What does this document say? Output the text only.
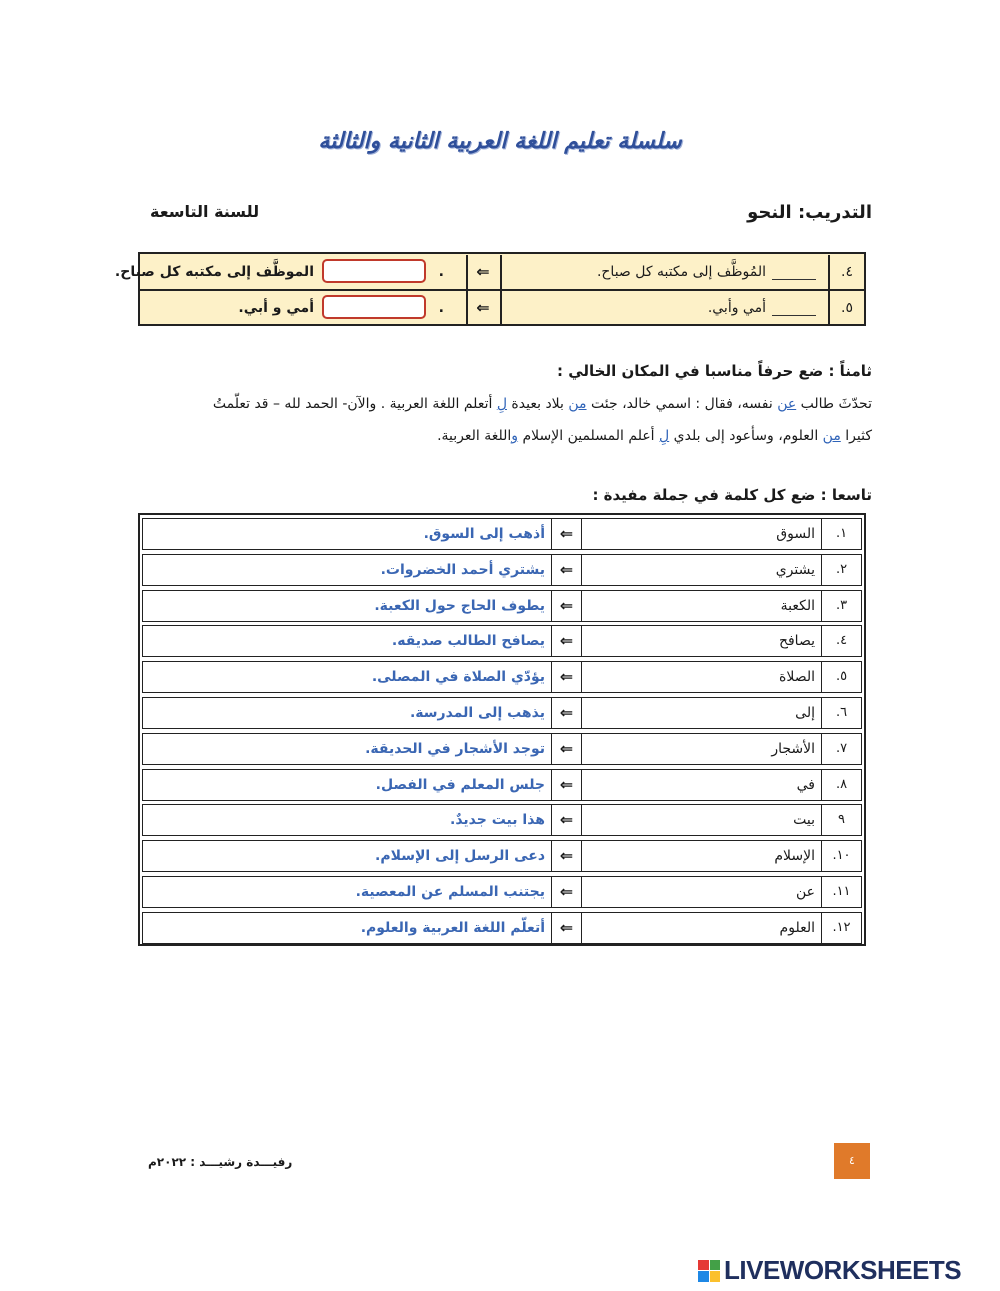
سلسلة تعليم اللغة العربية الثانية والثالثة
التدريب: النحو
للسنة التاسعة
٤.
المُوظَّف إلى مكتبه كل صباح.
⇐
.
الموظَّف إلى مكتبه كل صباح.
٥.
أمي وأبي.
⇐
.
أمي و أبي.
ثامناً : ضع حرفاً مناسبا في المكان الخالي :
تحدّثَ طالب عن نفسه، فقال : اسمي خالد، جئت من بلاد بعيدة لِ أتعلم اللغة العربية . والآن- الحمد لله – قد تعلّمتُ
كثيرا من العلوم، وسأعود إلى بلدي لِ أعلم المسلمين الإسلام واللغة العربية.
تاسعا : ضع كل كلمة في جملة مفيدة :
١.
السوق
⇐
أذهب إلى السوق.
٢.
يشتري
⇐
يشتري أحمد الخضروات.
٣.
الكعبة
⇐
يطوف الحاج حول الكعبة.
٤.
يصافح
⇐
يصافح الطالب صديقه.
٥.
الصلاة
⇐
يؤدّي الصلاة في المصلى.
٦.
إلى
⇐
يذهب إلى المدرسة.
٧.
الأشجار
⇐
توجد الأشجار في الحديقة.
٨.
في
⇐
جلس المعلم في الفصل.
٩
بيت
⇐
هذا بيت جديدٌ.
١٠.
الإسلام
⇐
دعى الرسل إلى الإسلام.
١١.
عن
⇐
يجتنب المسلم عن المعصية.
١٢.
العلوم
⇐
أتعلّم اللغة العربية والعلوم.
رفيـــدة رشيـــد : ٢٠٢٢م	٤
LIVEWORKSHEETS
